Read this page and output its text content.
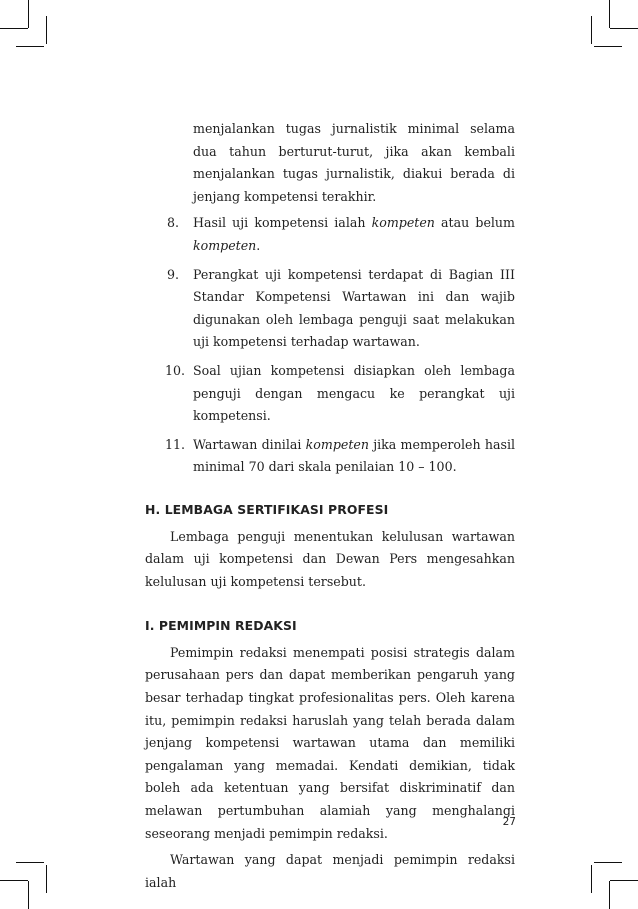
menjalankan tugas jurnalistik minimal selama dua tahun berturut-turut, jika akan kembali menjalankan tugas jurnalistik, diakui berada di jenjang kompetensi terakhir.

8.	Hasil uji kompetensi ialah kompeten atau belum kompeten.
9.	Perangkat uji kompetensi terdapat di Bagian III Standar Kompetensi Wartawan ini dan wajib digunakan oleh lembaga penguji saat melakukan uji kompetensi terhadap wartawan.
10. Soal ujian kompetensi disiapkan oleh lembaga penguji dengan mengacu ke perangkat uji kompetensi.
11. Wartawan dinilai kompeten jika memperoleh hasil minimal 70 dari skala penilaian 10 – 100.
H. LEMBAGA SERTIFIKASI PROFESI

Lembaga penguji menentukan kelulusan wartawan dalam uji kompetensi dan Dewan Pers mengesahkan kelulusan uji kompetensi tersebut.

I. PEMIMPIN REDAKSI

Pemimpin redaksi menempati posisi strategis dalam perusahaan pers dan dapat memberikan pengaruh yang besar terhadap tingkat profesionalitas pers. Oleh karena itu, pemimpin redaksi haruslah yang telah berada dalam jenjang kompetensi wartawan utama dan memiliki pengalaman yang memadai. Kendati demikian, tidak boleh ada ketentuan yang bersifat diskriminatif dan melawan pertumbuhan alamiah yang menghalangi seseorang menjadi pemimpin redaksi.

Wartawan yang dapat menjadi pemimpin redaksi ialah

27
